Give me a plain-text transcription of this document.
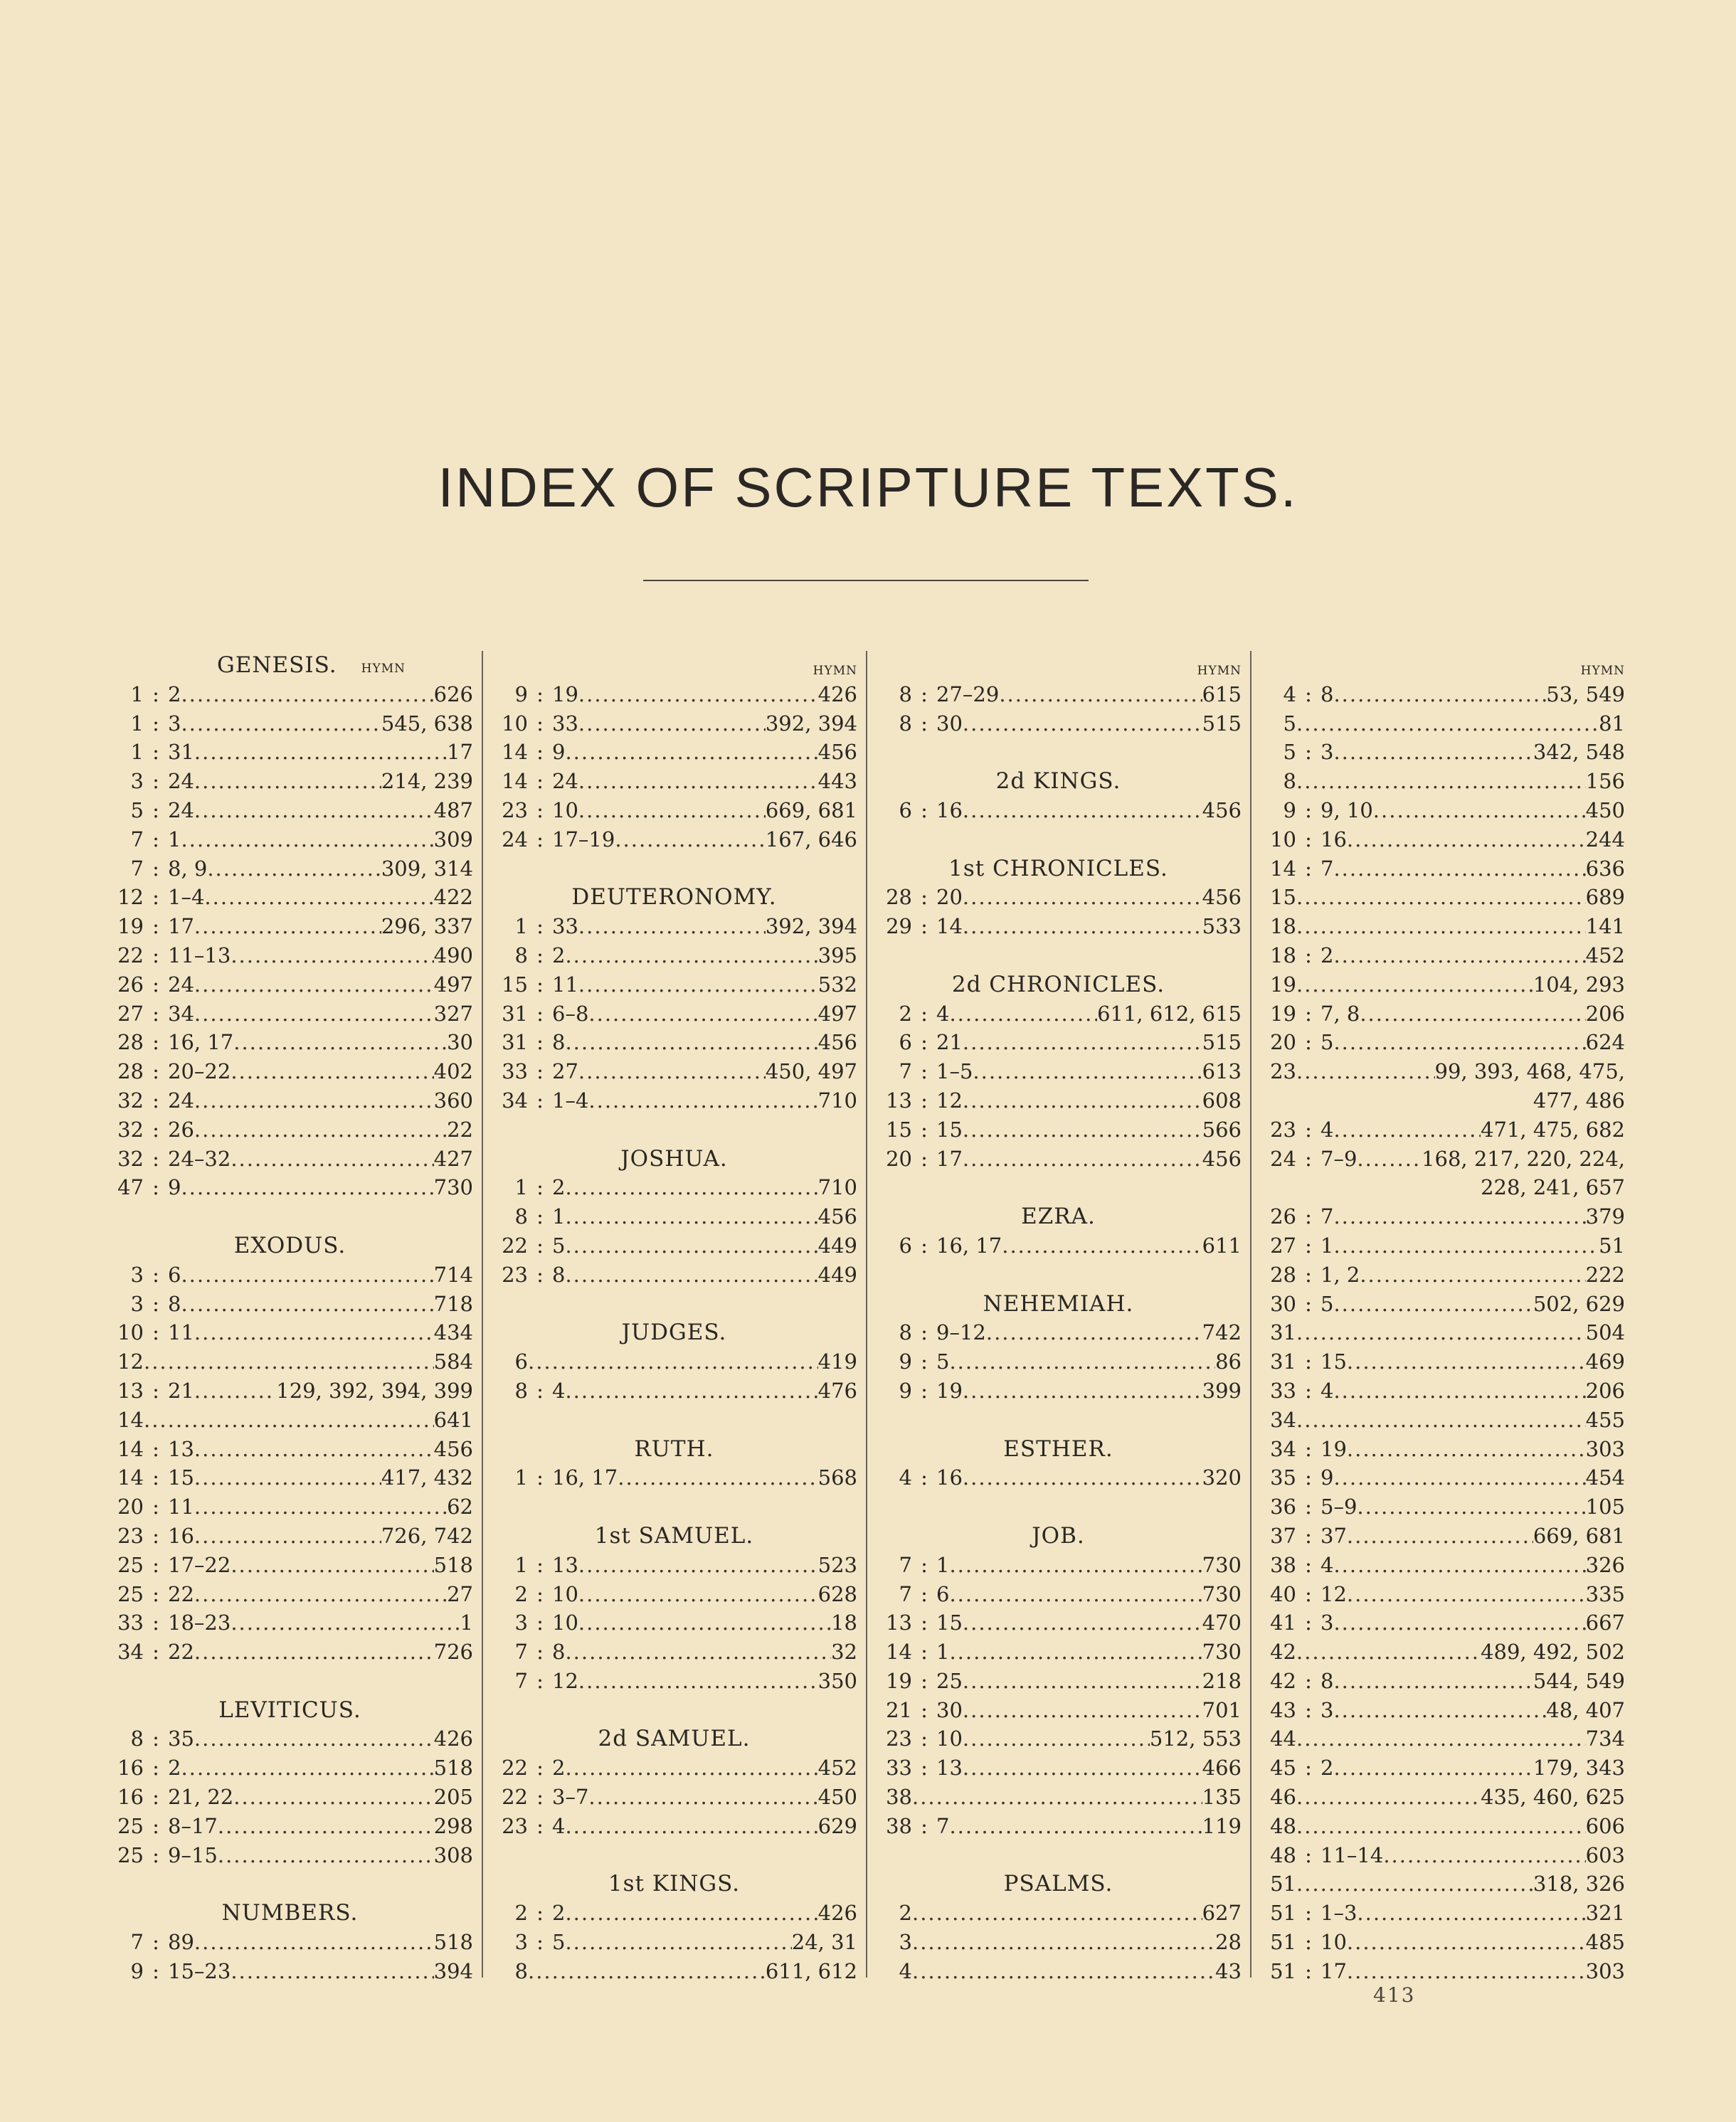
INDEX OF SCRIPTURE TEXTS.
GENESIS. HYMN
1 : 2 .....	626
1 : 3 .....	545, 638
1 : 31 .....	17
3 : 24 .....	214, 239
5 : 24 .....	487
7 : 1 .....	309
7 : 8, 9 .....	309, 314
12 : 1–4 .....	422
19 : 17 .....	296, 337
22 : 11–13 .....	490
26 : 24 .....	497
27 : 34 .....	327
28 : 16, 17 .....	30
28 : 20–22 .....	402
32 : 24 .....	360
32 : 26 .....	22
32 : 24–32 .....	427
47 : 9 .....	730
EXODUS.
3 : 6 .....	714
3 : 8 .....	718
10 : 11 .....	434
12 .....	584
13 : 21 .....	129, 392, 394, 399
14 .....	641
14 : 13 .....	456
14 : 15 .....	417, 432
20 : 11 .....	62
23 : 16 .....	726, 742
25 : 17–22 .....	518
25 : 22 .....	27
33 : 18–23 .....	1
34 : 22 .....	726
LEVITICUS.
8 : 35 .....	426
16 : 2 .....	518
16 : 21, 22 .....	205
25 : 8–17 .....	298
25 : 9–15 .....	308
NUMBERS.
7 : 89 .....	518
9 : 15–23 .....	394
HYMN
9 : 19 .....	426
10 : 33 .....	392, 394
14 : 9 .....	456
14 : 24 .....	443
23 : 10 .....	669, 681
24 : 17–19 .....	167, 646
DEUTERONOMY.
1 : 33 .....	392, 394
8 : 2 .....	395
15 : 11 .....	532
31 : 6–8 .....	497
31 : 8 .....	456
33 : 27 .....	450, 497
34 : 1–4 .....	710
JOSHUA.
1 : 2 .....	710
8 : 1 .....	456
22 : 5 .....	449
23 : 8 .....	449
JUDGES.
6 .....	419
8 : 4 .....	476
RUTH.
1 : 16, 17 .....	568
1st SAMUEL.
1 : 13 .....	523
2 : 10 .....	628
3 : 10 .....	18
7 : 8 .....	32
7 : 12 .....	350
2d SAMUEL.
22 : 2 .....	452
22 : 3–7 .....	450
23 : 4 .....	629
1st KINGS.
2 : 2 .....	426
3 : 5 .....	24, 31
8 .....	611, 612
HYMN
8 : 27–29 .....	615
8 : 30 .....	515
2d KINGS.
6 : 16 .....	456
1st CHRONICLES.
28 : 20 .....	456
29 : 14 .....	533
2d CHRONICLES.
2 : 4 .....	611, 612, 615
6 : 21 .....	515
7 : 1–5 .....	613
13 : 12 .....	608
15 : 15 .....	566
20 : 17 .....	456
EZRA.
6 : 16, 17 .....	611
NEHEMIAH.
8 : 9–12 .....	742
9 : 5 .....	86
9 : 19 .....	399
ESTHER.
4 : 16 .....	320
JOB.
7 : 1 .....	730
7 : 6 .....	730
13 : 15 .....	470
14 : 1 .....	730
19 : 25 .....	218
21 : 30 .....	701
23 : 10 .....	512, 553
33 : 13 .....	466
38 .....	135
38 : 7 .....	119
PSALMS.
2 .....	627
3 .....	28
4 .....	43
HYMN
4 : 8 .....	53, 549
5 .....	81
5 : 3 .....	342, 548
8 .....	156
9 : 9, 10 .....	450
10 : 16 .....	244
14 : 7 .....	636
15 .....	689
18 .....	141
18 : 2 .....	452
19 .....	104, 293
19 : 7, 8 .....	206
20 : 5 .....	624
23 .....	99, 393, 468, 475,
477, 486
23 : 4 .....	471, 475, 682
24 : 7–9 .....	168, 217, 220, 224,
228, 241, 657
26 : 7 .....	379
27 : 1 .....	51
28 : 1, 2 .....	222
30 : 5 .....	502, 629
31 .....	504
31 : 15 .....	469
33 : 4 .....	206
34 .....	455
34 : 19 .....	303
35 : 9 .....	454
36 : 5–9 .....	105
37 : 37 .....	669, 681
38 : 4 .....	326
40 : 12 .....	335
41 : 3 .....	667
42 .....	489, 492, 502
42 : 8 .....	544, 549
43 : 3 .....	48, 407
44 .....	734
45 : 2 .....	179, 343
46 .....	435, 460, 625
48 .....	606
48 : 11–14 .....	603
51 .....	318, 326
51 : 1–3 .....	321
51 : 10 .....	485
51 : 17 .....	303
413
